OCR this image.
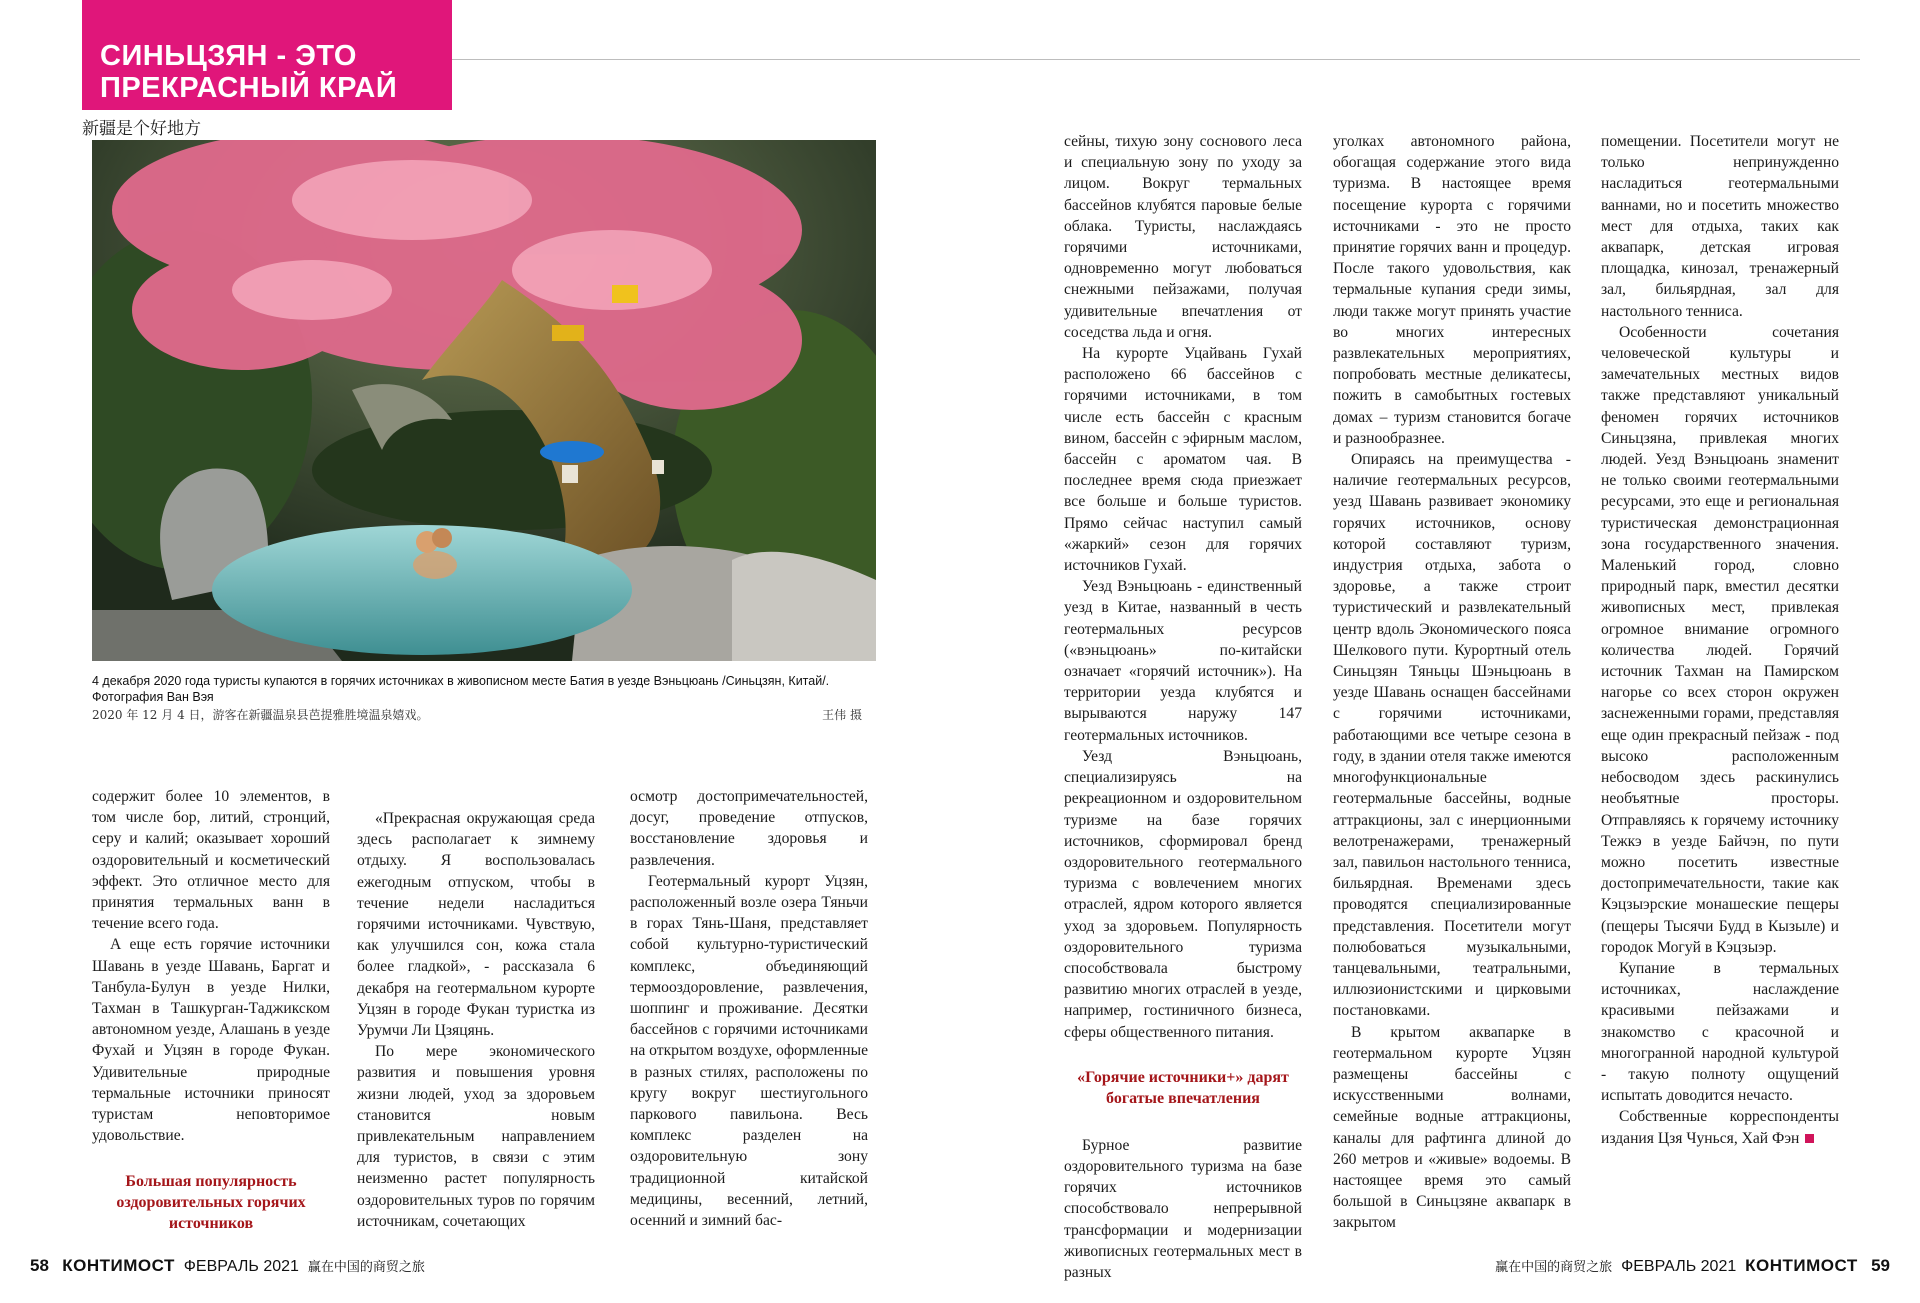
СИНЬЦЗЯН - ЭТО ПРЕКРАСНЫЙ КРАЙ

新疆是个好地方

4 декабря 2020 года туристы купаются в горячих источниках в живописном месте Батия в уезде Вэньцюань /Синьцзян, Китай/. Фотография Ван Вэя

2020 年 12 月 4 日，游客在新疆温泉县芭提雅胜境温泉嬉戏。	王伟 摄

содержит более 10 элементов, в том числе бор, литий, стронций, серу и калий; оказывает хороший оздоровительный и косметический эффект. Это отличное место для принятия термальных ванн в течение всего года.

А еще есть горячие источники Шавань в уезде Шавань, Баргат и Танбула-Булун в уезде Нилки, Тахман в Ташкурган-Таджикском автономном уезде, Алашань в уезде Фухай и Уцзян в городе Фукан. Удивительные природные термальные источники приносят туристам неповторимое удовольствие.

Большая популярность оздоровительных горячих источников

«Прекрасная окружающая среда здесь располагает к зимнему отдыху. Я воспользовалась ежегодным отпуском, чтобы в течение недели насладиться горячими источниками. Чувствую, как улучшился сон, кожа стала более гладкой», - рассказала 6 декабря на геотермальном курорте Уцзян в городе Фукан туристка из Урумчи Ли Цзяцянь.

По мере экономического развития и повышения уровня жизни людей, уход за здоровьем становится новым привлекательным направлением для туристов, в связи с этим неизменно растет популярность оздоровительных туров по горячим источникам, сочетающих

осмотр достопримечательностей, досуг, проведение отпусков, восстановление здоровья и развлечения.

Геотермальный курорт Уцзян, расположенный возле озера Тяньчи в горах Тянь-Шаня, представляет собой культурно-туристический комплекс, объединяющий термооздоровление, развлечения, шоппинг и проживание. Десятки бассейнов с горячими источниками на открытом воздухе, оформленные в разных стилях, расположены по кругу вокруг шестиугольного паркового павильона. Весь комплекс разделен на оздоровительную зону традиционной китайской медицины, весенний, летний, осенний и зимний бас-

сейны, тихую зону соснового леса и специальную зону по уходу за лицом. Вокруг термальных бассейнов клубятся паровые белые облака. Туристы, наслаждаясь горячими источниками, одновременно могут любоваться снежными пейзажами, получая удивительные впечатления от соседства льда и огня.

На курорте Уцайвань Гухай расположено 66 бассейнов с горячими источниками, в том числе есть бассейн с красным вином, бассейн с эфирным маслом, бассейн с ароматом чая. В последнее время сюда приезжает все больше и больше туристов. Прямо сейчас наступил самый «жаркий» сезон для горячих источников Гухай.

Уезд Вэньцюань - единственный уезд в Китае, названный в честь геотермальных ресурсов («вэньцюань» по-китайски означает «горячий источник»). На территории уезда клубятся и вырываются наружу 147 геотермальных источников.

Уезд Вэньцюань, специализируясь на рекреационном и оздоровительном туризме на базе горячих источников, сформировал бренд оздоровительного геотермального туризма с вовлечением многих отраслей, ядром которого является уход за здоровьем. Популярность оздоровительного туризма способствовала быстрому развитию многих отраслей в уезде, например, гостиничного бизнеса, сферы общественного питания.

«Горячие источники+» дарят богатые впечатления

Бурное развитие оздоровительного туризма на базе горячих источников способствовало непрерывной трансформации и модернизации живописных геотермальных мест в разных

уголках автономного района, обогащая содержание этого вида туризма. В настоящее время посещение курорта с горячими источниками - это не просто принятие горячих ванн и процедур. После такого удовольствия, как термальные купания среди зимы, люди также могут принять участие во многих интересных развлекательных мероприятиях, попробовать местные деликатесы, пожить в самобытных гостевых домах – туризм становится богаче и разнообразнее.

Опираясь на преимущества - наличие геотермальных ресурсов, уезд Шавань развивает экономику горячих источников, основу которой составляют туризм, индустрия отдыха, забота о здоровье, а также строит туристический и развлекательный центр вдоль Экономического пояса Шелкового пути. Курортный отель Синьцзян Тяньцы Шэньцюань в уезде Шавань оснащен бассейнами с горячими источниками, работающими все четыре сезона в году, в здании отеля также имеются многофункциональные геотермальные бассейны, водные аттракционы, зал с инерционными велотренажерами, тренажерный зал, павильон настольного тенниса, бильярдная. Временами здесь проводятся специализированные представления. Посетители могут полюбоваться музыкальными, танцевальными, театральными, иллюзионистскими и цирковыми постановками.

В крытом аквапарке в геотермальном курорте Уцзян размещены бассейны с искусственными волнами, семейные водные аттракционы, каналы для рафтинга длиной до 260 метров и «живые» водоемы. В настоящее время это самый большой в Синьцзяне аквапарк в закрытом

помещении. Посетители могут не только непринужденно насладиться геотермальными ваннами, но и посетить множество мест для отдыха, таких как аквапарк, детская игровая площадка, кинозал, тренажерный зал, бильярдная, зал для настольного тенниса.

Особенности сочетания человеческой культуры и замечательных местных видов также представляют уникальный феномен горячих источников Синьцзяна, привлекая многих людей. Уезд Вэньцюань знаменит не только своими геотермальными ресурсами, это еще и региональная туристическая демонстрационная зона государственного значения. Маленький город, словно природный парк, вместил десятки живописных мест, привлекая огромное внимание огромного количества людей. Горячий источник Тахман на Памирском нагорье со всех сторон окружен заснеженными горами, представляя еще один прекрасный пейзаж - под высоко расположенным небосводом здесь раскинулись необъятные просторы. Отправляясь к горячему источнику Тежкэ в уезде Байчэн, по пути можно посетить известные достопримечательности, такие как Кэцзыэрские монашеские пещеры (пещеры Тысячи Будд в Кызыле) и городок Могуй в Кэцзыэр.

Купание в термальных источниках, наслаждение красивыми пейзажами и знакомство с красочной и многогранной народной культурой - такую полноту ощущений испытать доводится нечасто.

Собственные корреспонденты издания Цзя Чунься, Хай Фэн

58 КОНТИМОСТ ФЕВРАЛЬ 2021 赢在中国的商贸之旅	赢在中国的商贸之旅 ФЕВРАЛЬ 2021 КОНТИМОСТ 59
